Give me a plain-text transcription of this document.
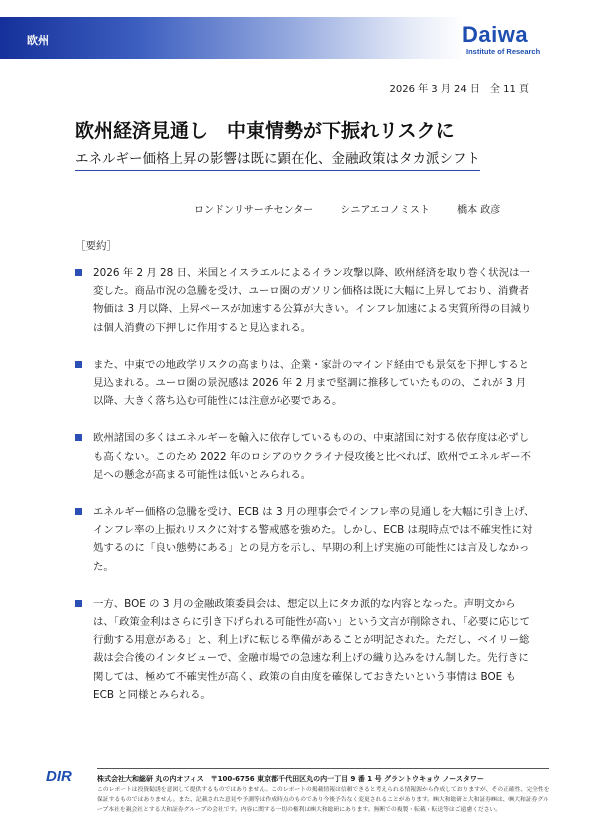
欧州	Daiwa
Institute of Research
2026 年 3 月 24 日　全 11 頁
欧州経済見通し　中東情勢が下振れリスクに
エネルギー価格上昇の影響は既に顕在化、金融政策はタカ派シフト
ロンドンリサーチセンター	シニアエコノミスト	橋本 政彦
［要約］
2026 年 2 月 28 日、米国とイスラエルによるイラン攻撃以降、欧州経済を取り巻く状況は一変した。商品市況の急騰を受け、ユーロ圏のガソリン価格は既に大幅に上昇しており、消費者物価は 3 月以降、上昇ペースが加速する公算が大きい。インフレ加速による実質所得の目減りは個人消費の下押しに作用すると見込まれる。
また、中東での地政学リスクの高まりは、企業・家計のマインド経由でも景気を下押しすると見込まれる。ユーロ圏の景況感は 2026 年 2 月まで堅調に推移していたものの、これが 3 月以降、大きく落ち込む可能性には注意が必要である。
欧州諸国の多くはエネルギーを輸入に依存しているものの、中東諸国に対する依存度は必ずしも高くない。このため 2022 年のロシアのウクライナ侵攻後と比べれば、欧州でエネルギー不足への懸念が高まる可能性は低いとみられる。
エネルギー価格の急騰を受け、ECB は 3 月の理事会でインフレ率の見通しを大幅に引き上げ、インフレ率の上振れリスクに対する警戒感を強めた。しかし、ECB は現時点では不確実性に対処するのに「良い態勢にある」との見方を示し、早期の利上げ実施の可能性には言及しなかった。
一方、BOE の 3 月の金融政策委員会は、想定以上にタカ派的な内容となった。声明文からは、「政策金利はさらに引き下げられる可能性が高い」という文言が削除され、「必要に応じて行動する用意がある」と、利上げに転じる準備があることが明記された。ただし、ベイリー総裁は会合後のインタビューで、金融市場での急速な利上げの織り込みをけん制した。先行きに関しては、極めて不確実性が高く、政策の自由度を確保しておきたいという事情は BOE も ECB と同様とみられる。
DIR	株式会社大和総研 丸の内オフィス　〒100-6756 東京都千代田区丸の内一丁目 9 番 1 号 グラントウキョウ ノースタワー
このレポートは投資勧誘を意図して提供するものではありません。このレポートの掲載情報は信頼できると考えられる情報源から作成しておりますが、その正確性、完全性を保証するものではありません。また、記載された意見や予測等は作成時点のものであり今後予告なく変更されることがあります。㈱大和総研と大和証券㈱は、㈱大和証券グループ本社を親会社とする大和証券グループの会社です。内容に関する一切の権利は㈱大和総研にあります。無断での複製・転載・転送等はご遠慮ください。
